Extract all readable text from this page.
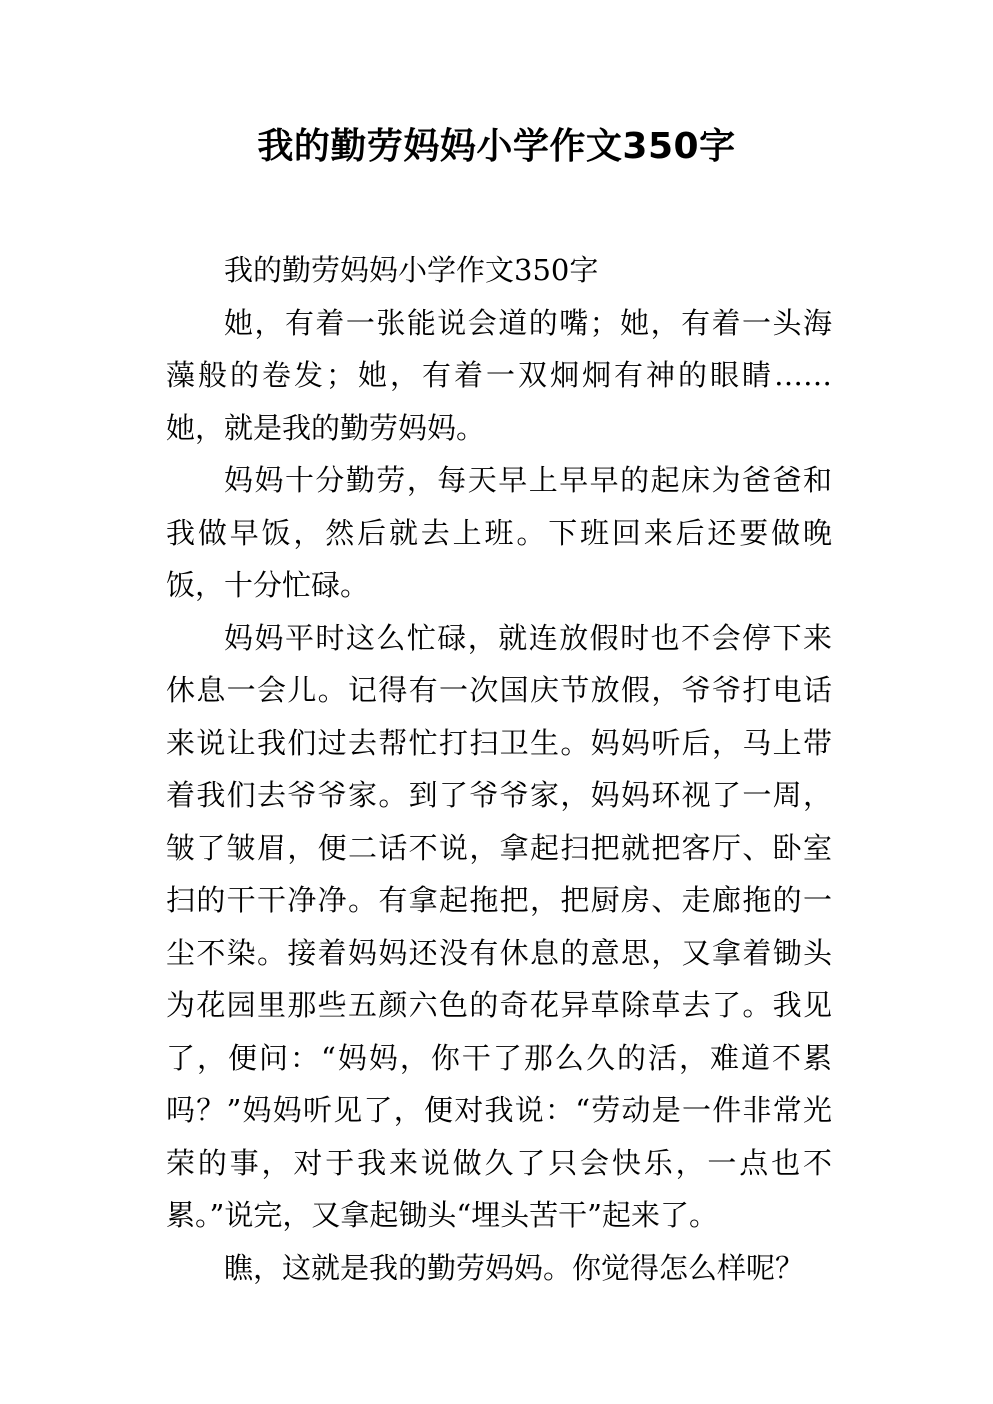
我的勤劳妈妈小学作文350字

我的勤劳妈妈小学作文350字

她，有着一张能说会道的嘴；她，有着一头海藻般的卷发；她，有着一双炯炯有神的眼睛……她，就是我的勤劳妈妈。

妈妈十分勤劳，每天早上早早的起床为爸爸和我做早饭，然后就去上班。下班回来后还要做晚饭，十分忙碌。

妈妈平时这么忙碌，就连放假时也不会停下来休息一会儿。记得有一次国庆节放假，爷爷打电话来说让我们过去帮忙打扫卫生。妈妈听后，马上带着我们去爷爷家。到了爷爷家，妈妈环视了一周，皱了皱眉，便二话不说，拿起扫把就把客厅、卧室扫的干干净净。有拿起拖把，把厨房、走廊拖的一尘不染。接着妈妈还没有休息的意思，又拿着锄头为花园里那些五颜六色的奇花异草除草去了。我见了，便问：“妈妈，你干了那么久的活，难道不累吗？”妈妈听见了，便对我说：“劳动是一件非常光荣的事，对于我来说做久了只会快乐，一点也不累。”说完，又拿起锄头“埋头苦干”起来了。

瞧，这就是我的勤劳妈妈。你觉得怎么样呢？
